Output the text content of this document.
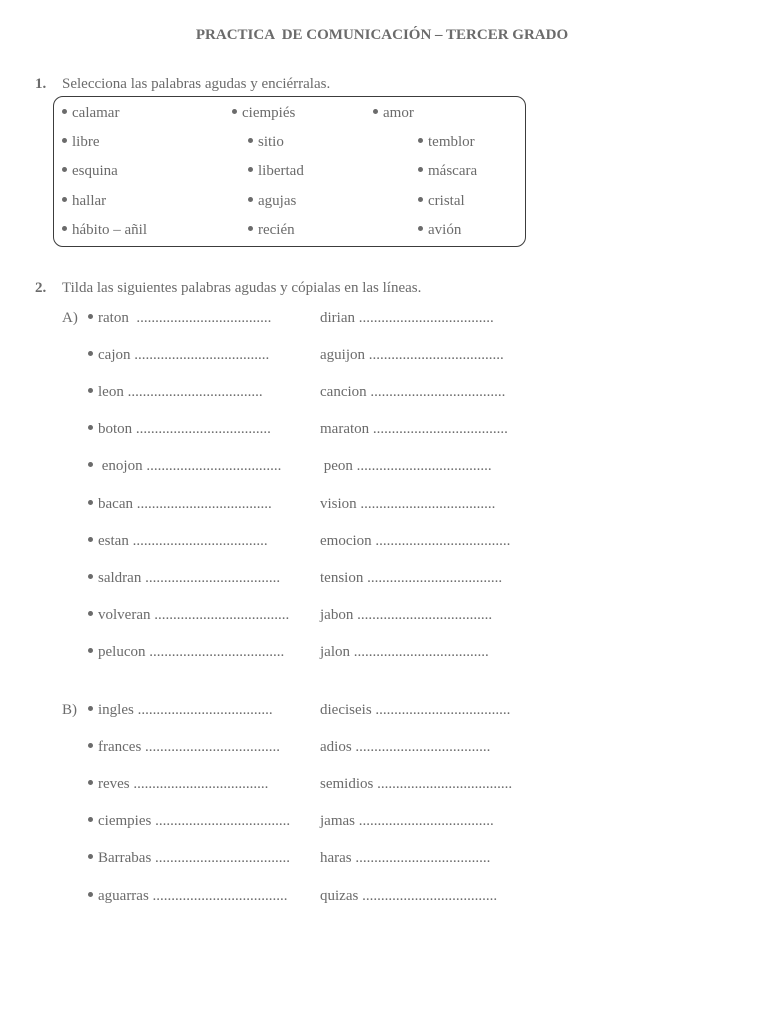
PRACTICA  DE COMUNICACIÓN – TERCER GRADO
1. Selecciona las palabras agudas y enciérralas.
calamar	ciempiés	amor
libre	sitio	temblor
esquina	libertad	máscara
hallar	agujas	cristal
hábito – añil	recién	avión
2. Tilda las siguientes palabras agudas y cópialas en las líneas.
A)
B)
raton  ....................................	dirian ....................................
cajon ....................................	aguijon ....................................
leon ....................................	cancion ....................................
boton ....................................	maraton ....................................
enojon ....................................	peon ....................................
bacan ....................................	vision ....................................
estan ....................................	emocion ....................................
saldran ....................................	tension ....................................
volveran .................................... jabon ....................................
pelucon .................................... jalon ....................................
ingles ....................................	dieciseis ....................................
frances ....................................	adios ....................................
reves ....................................	semidios ....................................
ciempies .................................... jamas ....................................
Barrabas .................................... haras ....................................
aguarras .................................... quizas ....................................
